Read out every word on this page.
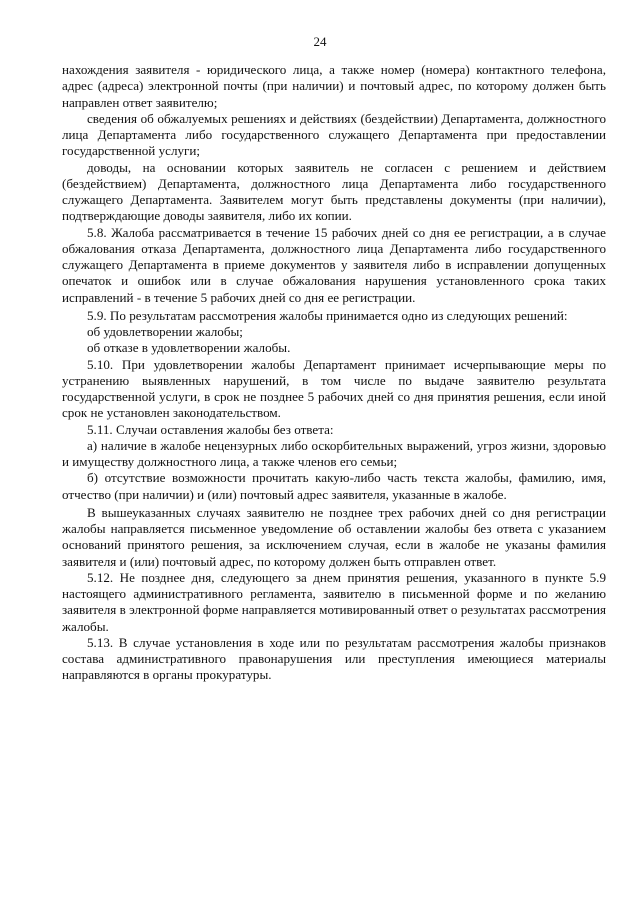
24

нахождения заявителя - юридического лица, а также номер (номера) контактного телефона, адрес (адреса) электронной почты (при наличии) и почтовый адрес, по которому должен быть направлен ответ заявителю;

сведения об обжалуемых решениях и действиях (бездействии) Департамента, должностного лица Департамента либо государственного служащего Департамента при предоставлении государственной услуги;

доводы, на основании которых заявитель не согласен с решением и действием (бездействием) Департамента, должностного лица Департамента либо государственного служащего Департамента. Заявителем могут быть представлены документы (при наличии), подтверждающие доводы заявителя, либо их копии.

5.8. Жалоба рассматривается в течение 15 рабочих дней со дня ее регистрации, а в случае обжалования отказа Департамента, должностного лица Департамента либо государственного служащего Департамента в приеме документов у заявителя либо в исправлении допущенных опечаток и ошибок или в случае обжалования нарушения установленного срока таких исправлений - в течение 5 рабочих дней со дня ее регистрации.

5.9. По результатам рассмотрения жалобы принимается одно из следующих решений:

об удовлетворении жалобы;

об отказе в удовлетворении жалобы.

5.10. При удовлетворении жалобы Департамент принимает исчерпывающие меры по устранению выявленных нарушений, в том числе по выдаче заявителю результата государственной услуги, в срок не позднее 5 рабочих дней со дня принятия решения, если иной срок не установлен законодательством.

5.11. Случаи оставления жалобы без ответа:

а) наличие в жалобе нецензурных либо оскорбительных выражений, угроз жизни, здоровью и имуществу должностного лица, а также членов его семьи;

б) отсутствие возможности прочитать какую-либо часть текста жалобы, фамилию, имя, отчество (при наличии) и (или) почтовый адрес заявителя, указанные в жалобе.

В вышеуказанных случаях заявителю не позднее трех рабочих дней со дня регистрации жалобы направляется письменное уведомление об оставлении жалобы без ответа с указанием оснований принятого решения, за исключением случая, если в жалобе не указаны фамилия заявителя и (или) почтовый адрес, по которому должен быть отправлен ответ.

5.12. Не позднее дня, следующего за днем принятия решения, указанного в пункте 5.9 настоящего административного регламента, заявителю в письменной форме и по желанию заявителя в электронной форме направляется мотивированный ответ о результатах рассмотрения жалобы.

5.13. В случае установления в ходе или по результатам рассмотрения жалобы признаков состава административного правонарушения или преступления имеющиеся материалы направляются в органы прокуратуры.
